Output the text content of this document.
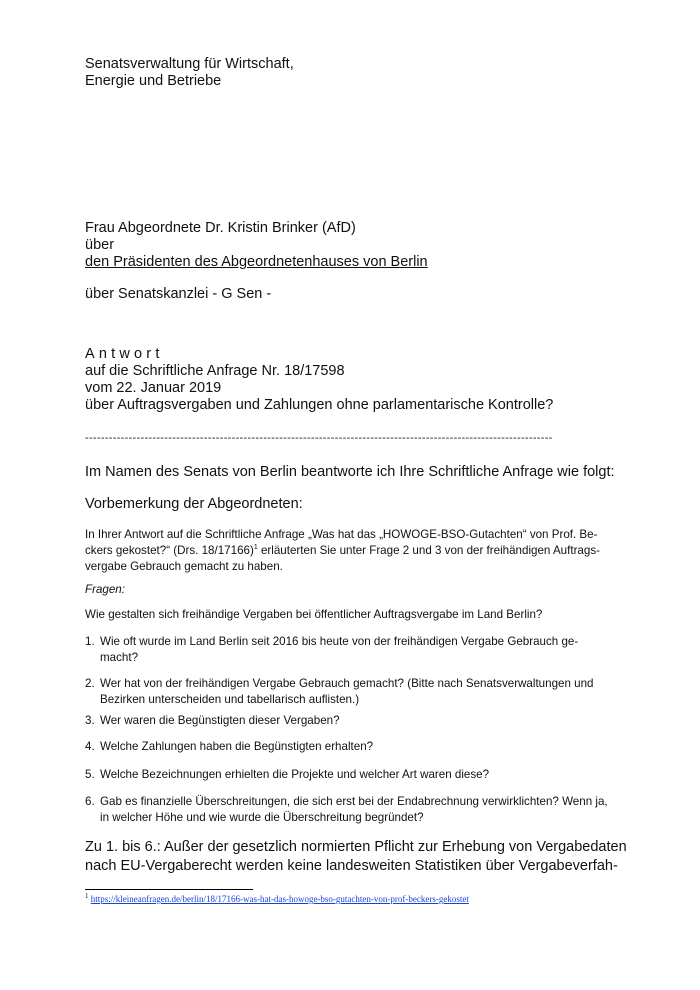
Senatsverwaltung für Wirtschaft,
Energie und Betriebe
Frau Abgeordnete Dr. Kristin Brinker (AfD)
über
den Präsidenten des Abgeordnetenhauses von Berlin
über Senatskanzlei - G Sen -
Antwort
auf die Schriftliche Anfrage Nr. 18/17598
vom 22. Januar 2019
über Auftragsvergaben und Zahlungen ohne parlamentarische Kontrolle?
----------------------------------------------------------------------------------------------------------------------
Im Namen des Senats von Berlin beantworte ich Ihre Schriftliche Anfrage wie folgt:
Vorbemerkung der Abgeordneten:
In Ihrer Antwort auf die Schriftliche Anfrage „Was hat das „HOWOGE-BSO-Gutachten“ von Prof. Be-
ckers gekostet?“ (Drs. 18/17166)$^1$ erläuterten Sie unter Frage 2 und 3 von der freihändigen Auftrags-
vergabe Gebrauch gemacht zu haben.
Fragen:
Wie gestalten sich freihändige Vergaben bei öffentlicher Auftragsvergabe im Land Berlin?
1. Wie oft wurde im Land Berlin seit 2016 bis heute von der freihändigen Vergabe Gebrauch ge-
macht?
2. Wer hat von der freihändigen Vergabe Gebrauch gemacht? (Bitte nach Senatsverwaltungen und
Bezirken unterscheiden und tabellarisch auflisten.)
3. Wer waren die Begünstigten dieser Vergaben?
4. Welche Zahlungen haben die Begünstigten erhalten?
5. Welche Bezeichnungen erhielten die Projekte und welcher Art waren diese?
6. Gab es finanzielle Überschreitungen, die sich erst bei der Endabrechnung verwirklichten? Wenn ja,
in welcher Höhe und wie wurde die Überschreitung begründet?
Zu 1. bis 6.: Außer der gesetzlich normierten Pflicht zur Erhebung von Vergabedaten
nach EU-Vergaberecht werden keine landesweiten Statistiken über Vergabeverfah-
$^1$ https://kleineanfragen.de/berlin/18/17166-was-hat-das-howoge-bso-gutachten-von-prof-beckers-gekostet
